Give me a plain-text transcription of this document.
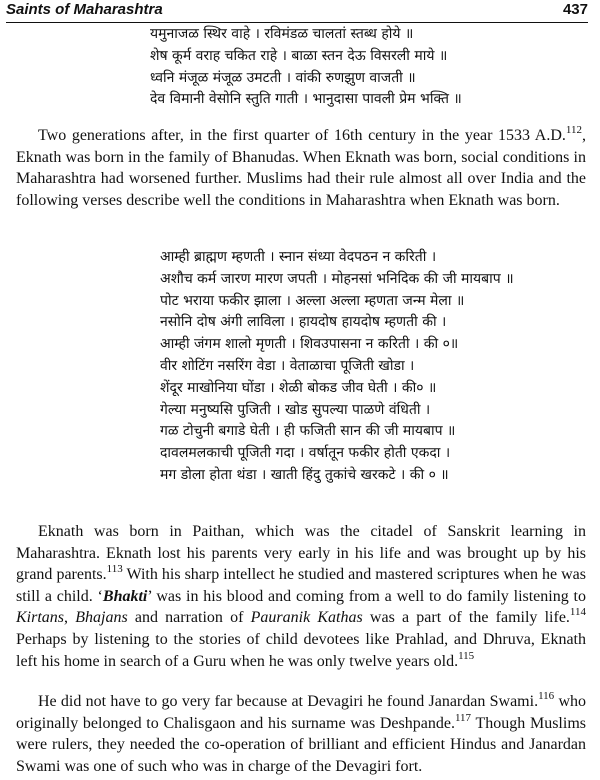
Saints of Maharashtra	437
यमुनाजळ स्थिर वाहे । रविमंडळ चालतां स्तब्ध होये ॥
शेष कूर्म वराह चकित राहे । बाळा स्तन देऊ विसरली माये ॥
ध्वनि मंजूळ मंजूळ उमटती । वांकी रुणझुण वाजती ॥
देव विमानी वेसोनि स्तुति गाती । भानुदासा पावली प्रेम भक्ति ॥

Two generations after, in the first quarter of 16th century in the year 1533 A.D.$^{112}$, Eknath was born in the family of Bhanudas. When Eknath was born, social conditions in Maharashtra had worsened further. Muslims had their rule almost all over India and the following verses describe well the conditions in Maharashtra when Eknath was born.

आम्ही ब्राह्मण म्हणती । स्नान संध्या वेदपठन न करिती ।
अशौच कर्म जारण मारण जपती । मोहनसां भनिदिक की जी मायबाप ॥
पोट भराया फकीर झाला । अल्ला अल्ला म्हणता जन्म मेला ॥
नसोनि दोष अंगी लाविला । हायदोष हायदोष म्हणती की ।
आम्ही जंगम शालो मृणती । शिवउपासना न करिती । की ०॥
वीर शोटिंग नसरिंग वेडा । वेताळाचा पूजिती खोडा ।
शेंदूर माखोनिया घोंडा । शेळी बोकड जीव घेती । की० ॥
गेल्या मनुष्यसि पुजिती । खोड सुपल्या पाळणे वंधिती ।
गळ टोचुनी बगाडे घेती । ही फजिती सान की जी मायबाप ॥
दावलमलकाची पूजिती गदा । वर्षातून फकीर होती एकदा ।
मग डोला होता थंडा । खाती हिंदु तुकांचे खरकटे । की ० ॥

Eknath was born in Paithan, which was the citadel of Sanskrit learning in Maharashtra. Eknath lost his parents very early in his life and was brought up by his grand parents.$^{113}$ With his sharp intellect he studied and mastered scriptures when he was still a child. ‘Bhakti’ was in his blood and coming from a well to do family listening to Kirtans, Bhajans and narration of Pauranik Kathas was a part of the family life.$^{114}$ Perhaps by listening to the stories of child devotees like Prahlad, and Dhruva, Eknath left his home in search of a Guru when he was only twelve years old.$^{115}$

He did not have to go very far because at Devagiri he found Janardan Swami.$^{116}$ who originally belonged to Chalisgaon and his surname was Deshpande.$^{117}$ Though Muslims were rulers, they needed the co-operation of brilliant and efficient Hindus and Janardan Swami was one of such who was in charge of the Devagiri fort.
